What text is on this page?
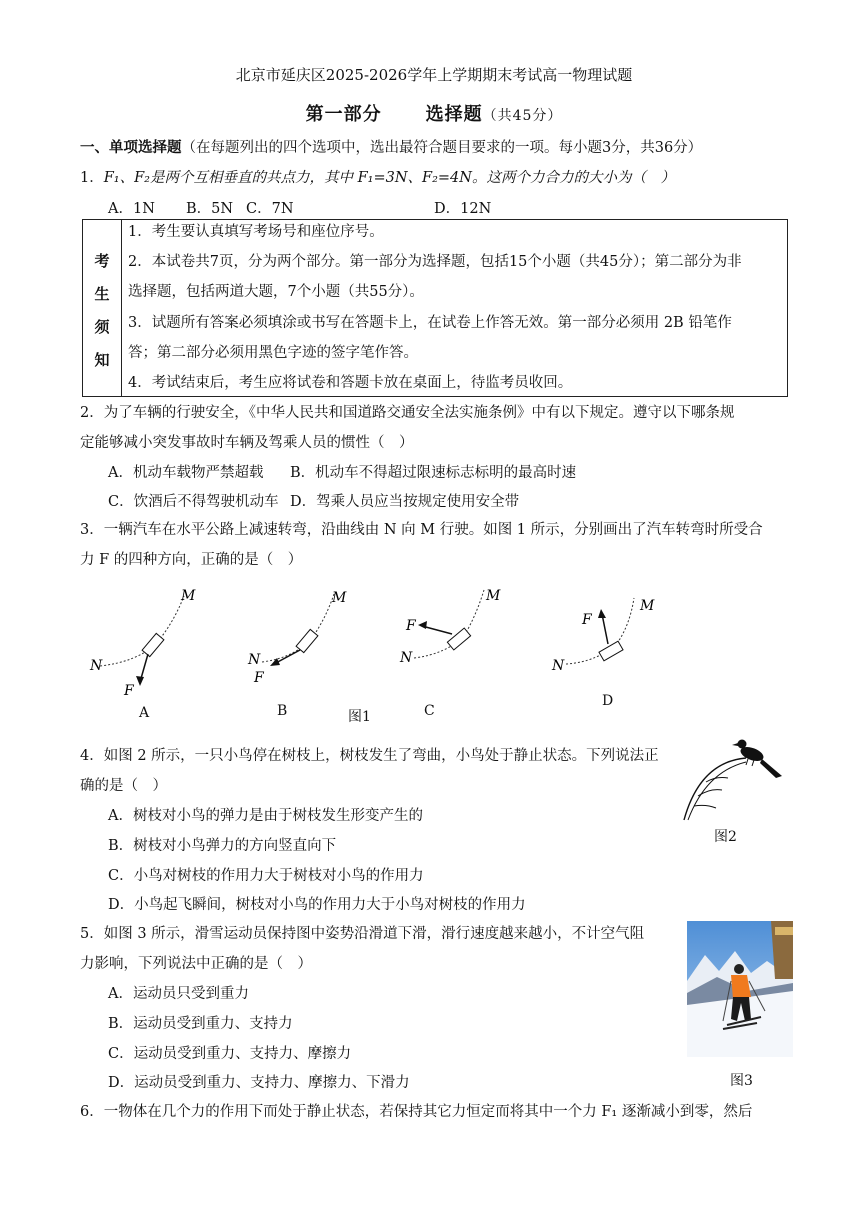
北京市延庆区2025-2026学年上学期期末考试高一物理试题
第一部分 选择题（共45分）
一、单项选择题（在每题列出的四个选项中，选出最符合题目要求的一项。每小题3分，共36分）
1．F₁、F₂是两个互相垂直的共点力，其中 F₁=3N、F₂=4N。这两个力合力的大小为（　）
A．1N B．5N C．7N	D．12N
考
生
须
知
1．考生要认真填写考场号和座位序号。
2．本试卷共7页，分为两个部分。第一部分为选择题，包括15个小题（共45分）；第二部分为非
选择题，包括两道大题，7个小题（共55分）。
3．试题所有答案必须填涂或书写在答题卡上，在试卷上作答无效。第一部分必须用 2B 铅笔作
答；第二部分必须用黑色字迹的签字笔作答。
4．考试结束后，考生应将试卷和答题卡放在桌面上，待监考员收回。
2．为了车辆的行驶安全，《中华人民共和国道路交通安全法实施条例》中有以下规定。遵守以下哪条规
定能够减小突发事故时车辆及驾乘人员的惯性（　）
A．机动车载物严禁超载 B．机动车不得超过限速标志标明的最高时速
C．饮酒后不得驾驶机动车 D．驾乘人员应当按规定使用安全带
3．一辆汽车在水平公路上减速转弯，沿曲线由 N 向 M 行驶。如图 1 所示，分别画出了汽车转弯时所受合
力 F 的四种方向，正确的是（　）
M
N
F
M
N
F
M
N
F
M
N
F
A	B	图1	C
D
4．如图 2 所示，一只小鸟停在树枝上，树枝发生了弯曲，小鸟处于静止状态。下列说法正
确的是（　）
A．树枝对小鸟的弹力是由于树枝发生形变产生的
B．树枝对小鸟弹力的方向竖直向下
C．小鸟对树枝的作用力大于树枝对小鸟的作用力
D．小鸟起飞瞬间，树枝对小鸟的作用力大于小鸟对树枝的作用力
图2
5．如图 3 所示，滑雪运动员保持图中姿势沿滑道下滑，滑行速度越来越小，不计空气阻
力影响，下列说法中正确的是（　）
A．运动员只受到重力
B．运动员受到重力、支持力
C．运动员受到重力、支持力、摩擦力
D．运动员受到重力、支持力、摩擦力、下滑力	图3
6．一物体在几个力的作用下而处于静止状态，若保持其它力恒定而将其中一个力 F₁ 逐渐减小到零，然后
